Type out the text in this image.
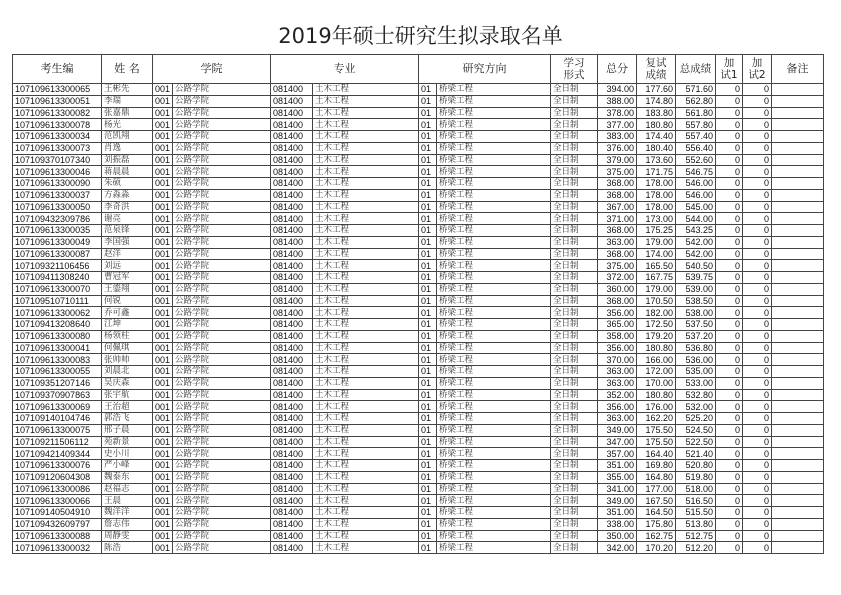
2019年硕士研究生拟录取名单
考生编	姓 名	学院		专业		研究方向		学习形式	总分	复试成绩	总成绩	加试1	加试2	备注
107109613300065	王彬先	001	公路学院	081400	土木工程	01	桥梁工程	全日制	394.00	177.60	571.60	0	0	
107109613300051	李瑞	001	公路学院	081400	土木工程	01	桥梁工程	全日制	388.00	174.80	562.80	0	0	
107109613300082	张嘉鼎	001	公路学院	081400	土木工程	01	桥梁工程	全日制	378.00	183.80	561.80	0	0	
107109613300078	杨光	001	公路学院	081400	土木工程	01	桥梁工程	全日制	377.00	180.80	557.80	0	0	
107109613300034	范凯翔	001	公路学院	081400	土木工程	01	桥梁工程	全日制	383.00	174.40	557.40	0	0	
107109613300073	肖逸	001	公路学院	081400	土木工程	01	桥梁工程	全日制	376.00	180.40	556.40	0	0	
107109370107340	刘振磊	001	公路学院	081400	土木工程	01	桥梁工程	全日制	379.00	173.60	552.60	0	0	
107109613300046	蒋晨晨	001	公路学院	081400	土木工程	01	桥梁工程	全日制	375.00	171.75	546.75	0	0	
107109613300090	朱硕	001	公路学院	081400	土木工程	01	桥梁工程	全日制	368.00	178.00	546.00	0	0	
107109613300037	方淼淼	001	公路学院	081400	土木工程	01	桥梁工程	全日制	368.00	178.00	546.00	0	0	
107109613300050	李奇洪	001	公路学院	081400	土木工程	01	桥梁工程	全日制	367.00	178.00	545.00	0	0	
107109432309786	谢亮	001	公路学院	081400	土木工程	01	桥梁工程	全日制	371.00	173.00	544.00	0	0	
107109613300035	范泉锋	001	公路学院	081400	土木工程	01	桥梁工程	全日制	368.00	175.25	543.25	0	0	
107109613300049	李国强	001	公路学院	081400	土木工程	01	桥梁工程	全日制	363.00	179.00	542.00	0	0	
107109613300087	赵洋	001	公路学院	081400	土木工程	01	桥梁工程	全日制	368.00	174.00	542.00	0	0	
107109321106456	刘远	001	公路学院	081400	土木工程	01	桥梁工程	全日制	375.00	165.50	540.50	0	0	
107109411308240	曹冠军	001	公路学院	081400	土木工程	01	桥梁工程	全日制	372.00	167.75	539.75	0	0	
107109613300070	王鎏翔	001	公路学院	081400	土木工程	01	桥梁工程	全日制	360.00	179.00	539.00	0	0	
107109510710111	何锐	001	公路学院	081400	土木工程	01	桥梁工程	全日制	368.00	170.50	538.50	0	0	
107109613300062	乔可鑫	001	公路学院	081400	土木工程	01	桥梁工程	全日制	356.00	182.00	538.00	0	0	
107109413208640	江坤	001	公路学院	081400	土木工程	01	桥梁工程	全日制	365.00	172.50	537.50	0	0	
107109613300080	杨领柱	001	公路学院	081400	土木工程	01	桥梁工程	全日制	358.00	179.20	537.20	0	0	
107109613300041	何佩琪	001	公路学院	081400	土木工程	01	桥梁工程	全日制	356.00	180.80	536.80	0	0	
107109613300083	张帅帅	001	公路学院	081400	土木工程	01	桥梁工程	全日制	370.00	166.00	536.00	0	0	
107109613300055	刘晨北	001	公路学院	081400	土木工程	01	桥梁工程	全日制	363.00	172.00	535.00	0	0	
107109351207146	吴庆森	001	公路学院	081400	土木工程	01	桥梁工程	全日制	363.00	170.00	533.00	0	0	
107109370907863	张宇航	001	公路学院	081400	土木工程	01	桥梁工程	全日制	352.00	180.80	532.80	0	0	
107109613300069	王治超	001	公路学院	081400	土木工程	01	桥梁工程	全日制	356.00	176.00	532.00	0	0	
107109140104746	郭浩飞	001	公路学院	081400	土木工程	01	桥梁工程	全日制	363.00	162.20	525.20	0	0	
107109613300075	邢子晨	001	公路学院	081400	土木工程	01	桥梁工程	全日制	349.00	175.50	524.50	0	0	
107109211506112	苑新景	001	公路学院	081400	土木工程	01	桥梁工程	全日制	347.00	175.50	522.50	0	0	
107109421409344	史小川	001	公路学院	081400	土木工程	01	桥梁工程	全日制	357.00	164.40	521.40	0	0	
107109613300076	严小峰	001	公路学院	081400	土木工程	01	桥梁工程	全日制	351.00	169.80	520.80	0	0	
107109120604308	魏泰东	001	公路学院	081400	土木工程	01	桥梁工程	全日制	355.00	164.80	519.80	0	0	
107109613300086	赵福志	001	公路学院	081400	土木工程	01	桥梁工程	全日制	341.00	177.00	518.00	0	0	
107109613300066	王晨	001	公路学院	081400	土木工程	01	桥梁工程	全日制	349.00	167.50	516.50	0	0	
107109140504910	魏洋洋	001	公路学院	081400	土木工程	01	桥梁工程	全日制	351.00	164.50	515.50	0	0	
107109432609797	詹志伟	001	公路学院	081400	土木工程	01	桥梁工程	全日制	338.00	175.80	513.80	0	0	
107109613300088	周静雯	001	公路学院	081400	土木工程	01	桥梁工程	全日制	350.00	162.75	512.75	0	0	
107109613300032	陈浩	001	公路学院	081400	土木工程	01	桥梁工程	全日制	342.00	170.20	512.20	0	0	
